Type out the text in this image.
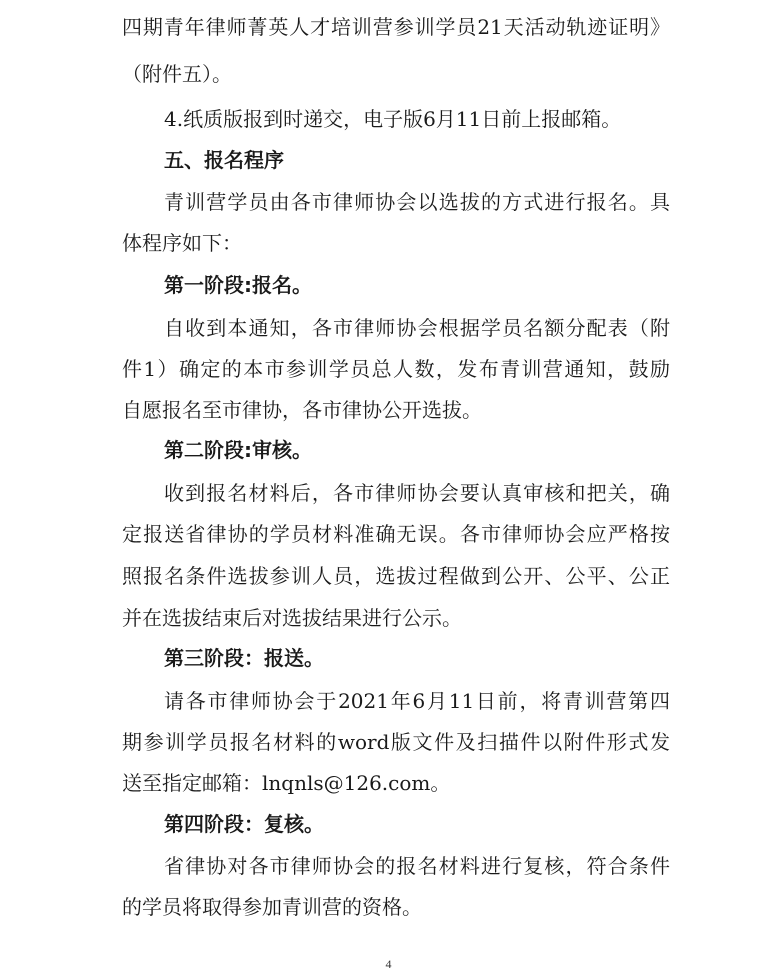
四期青年律师菁英人才培训营参训学员21天活动轨迹证明》
（附件五）。
4.纸质版报到时递交，电子版6月11日前上报邮箱。
五、报名程序
青训营学员由各市律师协会以选拔的方式进行报名。具
体程序如下：
第一阶段:报名。
自收到本通知，各市律师协会根据学员名额分配表（附
件1）确定的本市参训学员总人数，发布青训营通知，鼓励
自愿报名至市律协，各市律协公开选拔。
第二阶段:审核。
收到报名材料后，各市律师协会要认真审核和把关，确
定报送省律协的学员材料准确无误。各市律师协会应严格按
照报名条件选拔参训人员，选拔过程做到公开、公平、公正
并在选拔结束后对选拔结果进行公示。
第三阶段：报送。
请各市律师协会于2021年6月11日前，将青训营第四
期参训学员报名材料的word版文件及扫描件以附件形式发
送至指定邮箱：lnqnls@126.com。
第四阶段：复核。
省律协对各市律师协会的报名材料进行复核，符合条件
的学员将取得参加青训营的资格。
4
